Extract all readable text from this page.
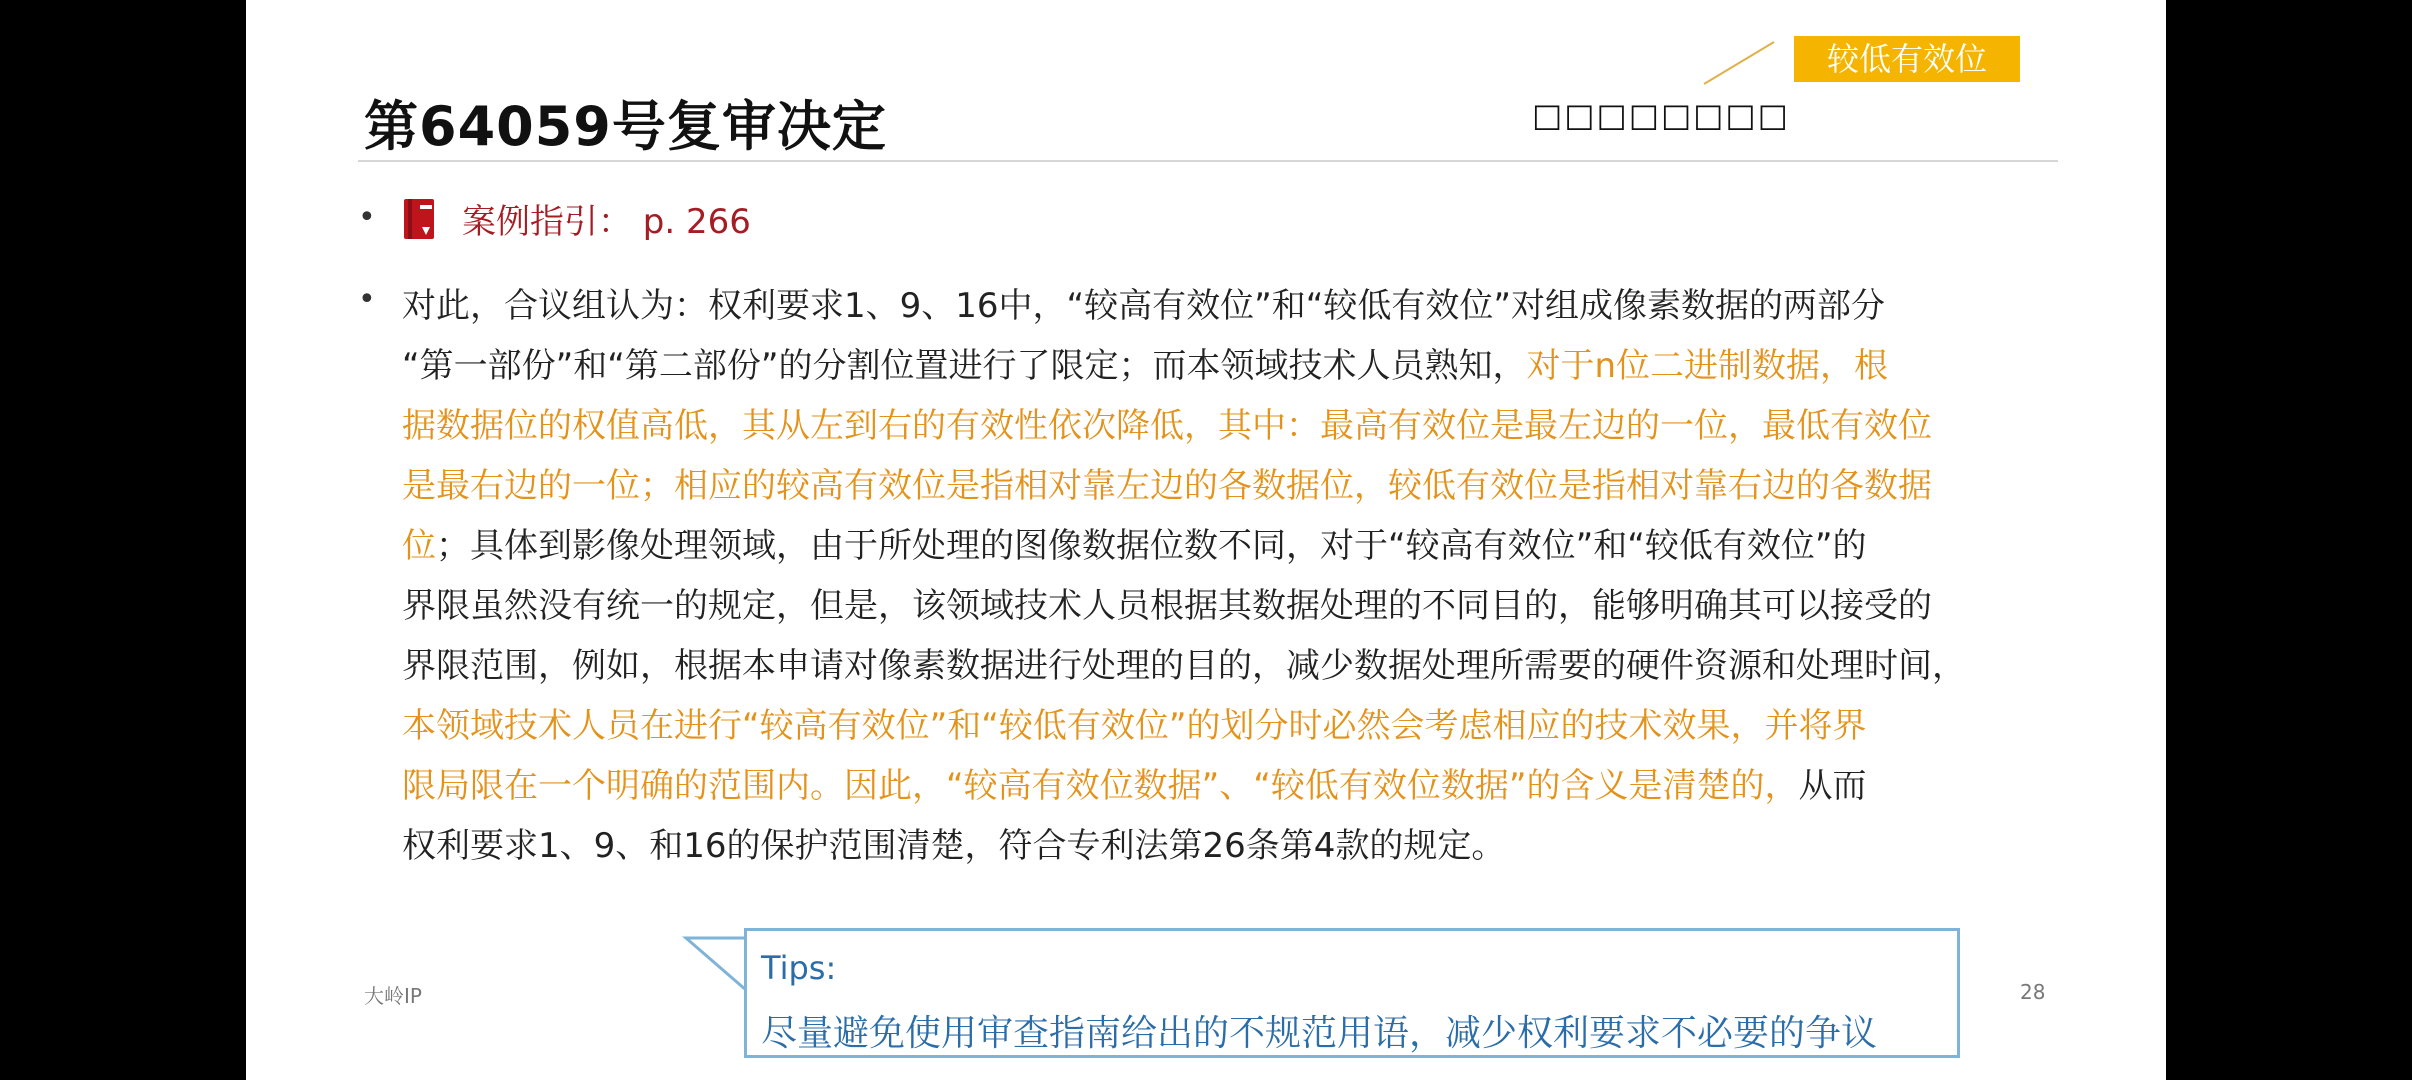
第64059号复审决定
较低有效位
□□□□□□□□
•	案例指引： p. 266
• 对此，合议组认为：权利要求1、9、16中，“较高有效位”和“较低有效位”对组成像素数据的两部分
“第一部份”和“第二部份”的分割位置进行了限定；而本领域技术人员熟知，对于n位二进制数据，根
据数据位的权值高低，其从左到右的有效性依次降低，其中：最高有效位是最左边的一位，最低有效位
是最右边的一位；相应的较高有效位是指相对靠左边的各数据位，较低有效位是指相对靠右边的各数据
位；具体到影像处理领域，由于所处理的图像数据位数不同，对于“较高有效位”和“较低有效位”的
界限虽然没有统一的规定，但是，该领域技术人员根据其数据处理的不同目的，能够明确其可以接受的
界限范围，例如，根据本申请对像素数据进行处理的目的，减少数据处理所需要的硬件资源和处理时间，
本领域技术人员在进行“较高有效位”和“较低有效位”的划分时必然会考虑相应的技术效果，并将界
限局限在一个明确的范围内。因此，“较高有效位数据”、“较低有效位数据”的含义是清楚的，从而
权利要求1、9、和16的保护范围清楚，符合专利法第26条第4款的规定。
大岭IP	28
Tips:
尽量避免使用审查指南给出的不规范用语，减少权利要求不必要的争议
